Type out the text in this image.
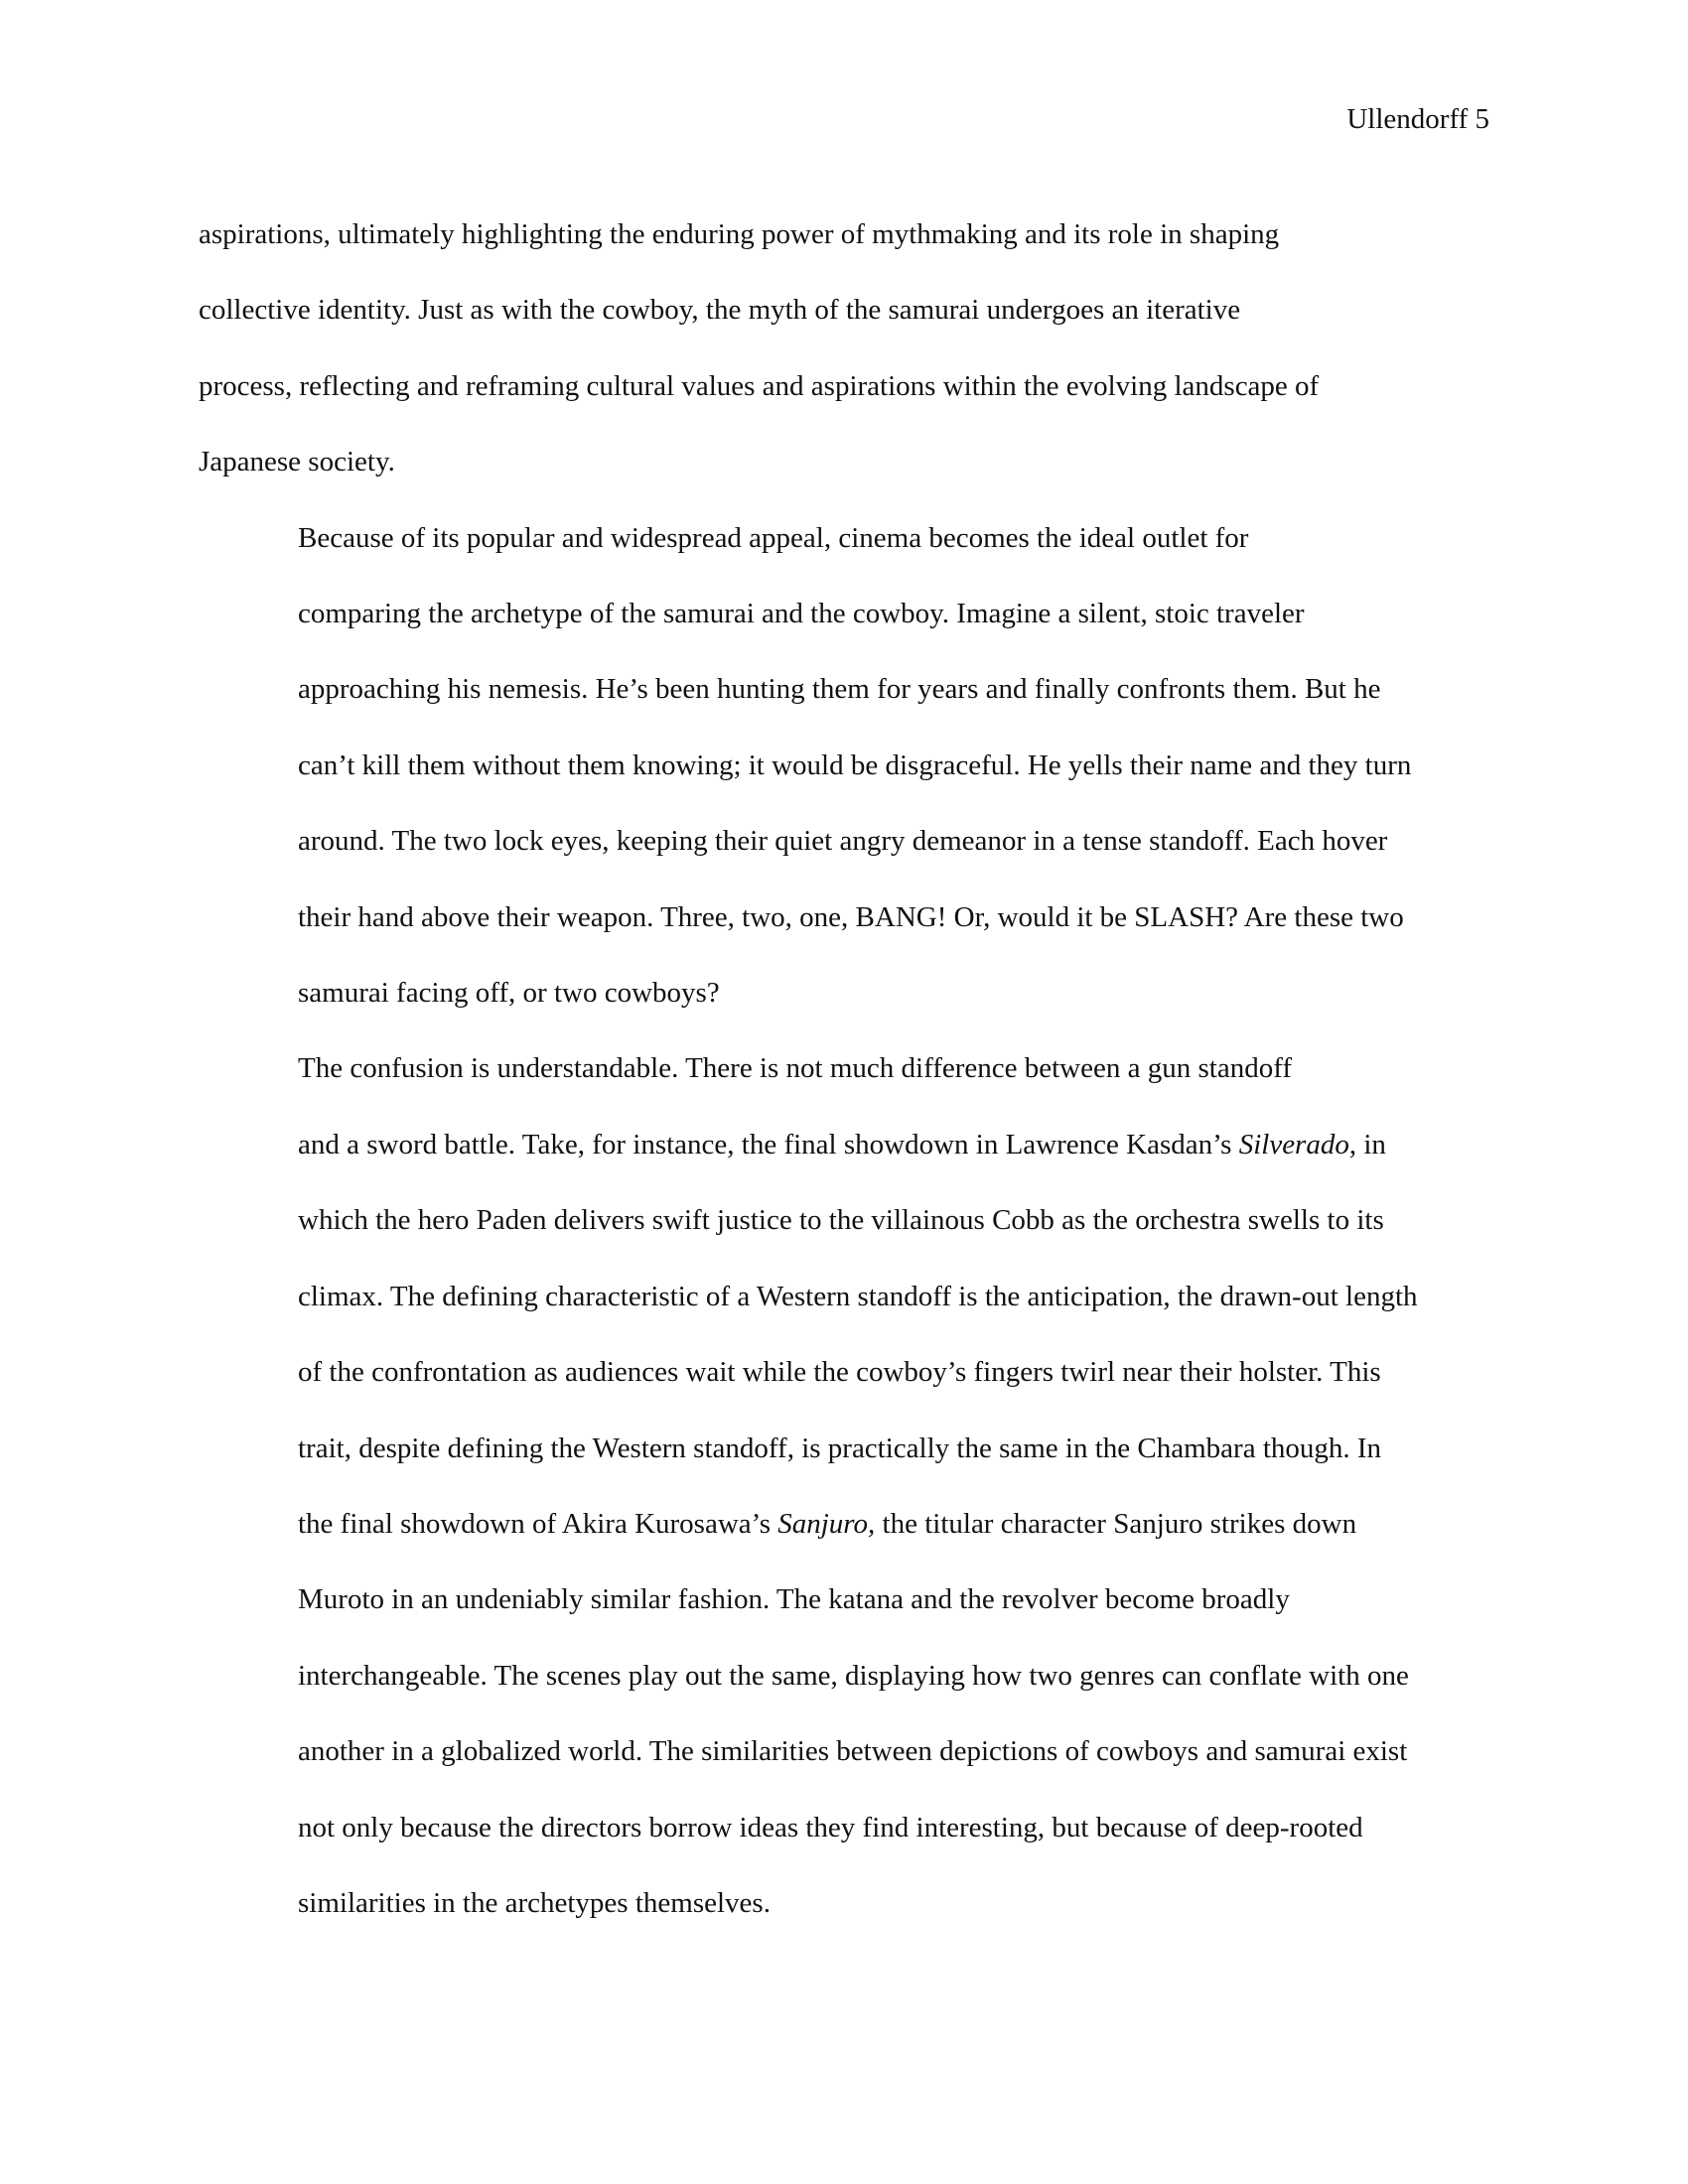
Ullendorff 5

aspirations, ultimately highlighting the enduring power of mythmaking and its role in shaping
collective identity. Just as with the cowboy, the myth of the samurai undergoes an iterative
process, reflecting and reframing cultural values and aspirations within the evolving landscape of
Japanese society.

Because of its popular and widespread appeal, cinema becomes the ideal outlet for
comparing the archetype of the samurai and the cowboy. Imagine a silent, stoic traveler
approaching his nemesis. He’s been hunting them for years and finally confronts them. But he
can’t kill them without them knowing; it would be disgraceful. He yells their name and they turn
around. The two lock eyes, keeping their quiet angry demeanor in a tense standoff. Each hover
their hand above their weapon. Three, two, one, BANG! Or, would it be SLASH? Are these two
samurai facing off, or two cowboys?

The confusion is understandable. There is not much difference between a gun standoff
and a sword battle. Take, for instance, the final showdown in Lawrence Kasdan’s Silverado, in
which the hero Paden delivers swift justice to the villainous Cobb as the orchestra swells to its
climax. The defining characteristic of a Western standoff is the anticipation, the drawn-out length
of the confrontation as audiences wait while the cowboy’s fingers twirl near their holster. This
trait, despite defining the Western standoff, is practically the same in the Chambara though. In
the final showdown of Akira Kurosawa’s Sanjuro, the titular character Sanjuro strikes down
Muroto in an undeniably similar fashion. The katana and the revolver become broadly
interchangeable. The scenes play out the same, displaying how two genres can conflate with one
another in a globalized world. The similarities between depictions of cowboys and samurai exist
not only because the directors borrow ideas they find interesting, but because of deep-rooted
similarities in the archetypes themselves.
